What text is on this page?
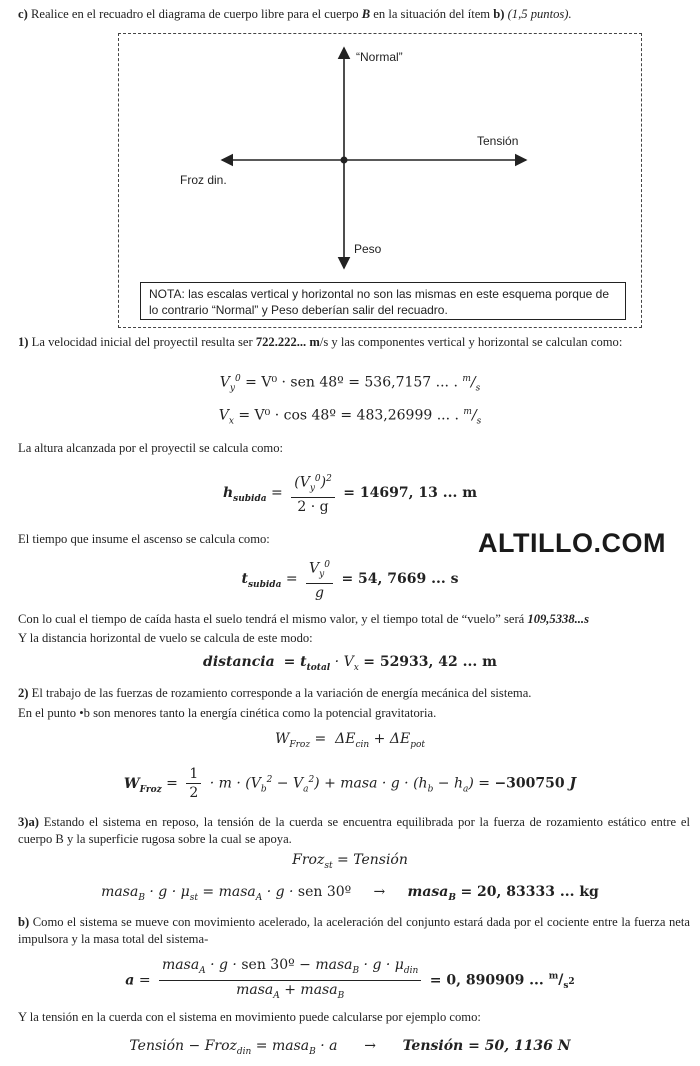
c) Realice en el recuadro el diagrama de cuerpo libre para el cuerpo B en la situación del ítem b) (1,5 puntos).
“Normal”
Tensión
Froz din.
Peso
NOTA: las escalas vertical y horizontal no son las mismas en este esquema porque de lo contrario “Normal” y Peso deberían salir del recuadro.
1) La velocidad inicial del proyectil resulta ser 722.222... m/s y las componentes vertical y horizontal se calculan como:
$V_y^0 = V^0$ · sen 48º = 536,7157 ... . $^m/_s$
$V_x = V^0 \cdot \cos$ 48º = 483,26999 ... . $^m/_s$
La altura alcanzada por el proyectil se calcula como:
$h_{subida} = \frac{(V_y^0)^2}{2 \cdot g} = 14697$, 13 ... m
El tiempo que insume el ascenso se calcula como:
$t_{subida} = \frac{V_y^0}{g} = 54$, 7669 ... s
Con lo cual el tiempo de caída hasta el suelo tendrá el mismo valor, y el tiempo total de “vuelo” será 109,5338...s
Y la distancia horizontal de vuelo se calcula de este modo:
distancia = $t_{total} \cdot V_x = 52933$, 42 ... m
2) El trabajo de las fuerzas de rozamiento corresponde a la variación de energía mecánica del sistema.
En el punto •b son menores tanto la energía cinética como la potencial gravitatoria.
$W_{Froz} = \Delta E_{cin} + \Delta E_{pot}$
$W_{Froz} = \frac{1}{2} \cdot m \cdot (V_b^2 - V_a^2)$ + masa · $g \cdot (h_b - h_a) = -300750$ J
3)a) Estando el sistema en reposo, la tensión de la cuerda se encuentra equilibrada por la fuerza de rozamiento estático entre el cuerpo B y la superficie rugosa sobre la cual se apoya.
Froz$_{st}$ = Tensión
masa$_B$ · $g \cdot \mu_{st}$ = masa$_A$ · g · sen 30º → masa$_B$ = 20, 83333 ... kg
b) Como el sistema se mueve con movimiento acelerado, la aceleración del conjunto estará dada por el cociente entre la fuerza neta impulsora y la masa total del sistema-
$a = \frac{masa_A \cdot g \cdot sen 30º - masa_B \cdot g \cdot \mu_{din}}{masa_A + masa_B} = 0$, 890909 ... $^m/_{s^2}$
Y la tensión en la cuerda con el sistema en movimiento puede calcularse por ejemplo como:
Tensión − Froz$_{din}$ = masa$_B$ · a      → Tensión = 50, 1136 N
ALTILLO.COM
